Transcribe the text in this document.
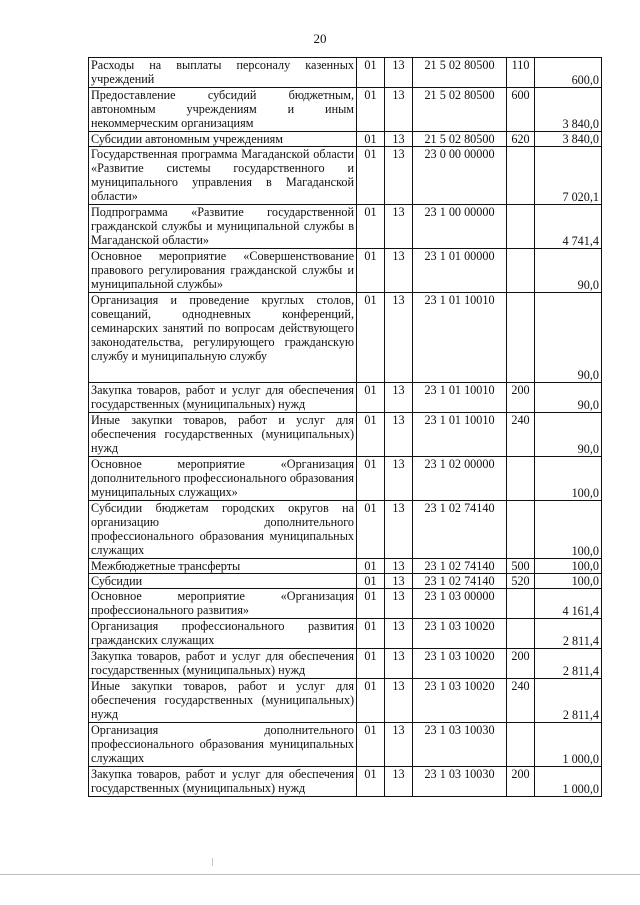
20
Расходы на выплаты персоналу казенных учреждений	01	13	21 5 02 80500	110	600,0
Предоставление субсидий бюджетным, автономным учреждениям и иным некоммерческим организациям	01	13	21 5 02 80500	600	3 840,0
Субсидии автономным учреждениям	01	13	21 5 02 80500	620	3 840,0
Государственная программа Магаданской области «Развитие системы государственного и муниципального управления в Магаданской области»	01	13	23 0 00 00000		7 020,1
Подпрограмма «Развитие государственной гражданской службы и муниципальной службы в Магаданской области»	01	13	23 1 00 00000		4 741,4
Основное мероприятие «Совершенствование правового регулирования гражданской службы и муниципальной службы»	01	13	23 1 01 00000		90,0
Организация и проведение круглых столов, совещаний, однодневных конференций, семинарских занятий по вопросам действующего законодательства, регулирующего гражданскую службу и муниципальную службу	01	13	23 1 01 10010		90,0
Закупка товаров, работ и услуг для обеспечения государственных (муниципальных) нужд	01	13	23 1 01 10010	200	90,0
Иные закупки товаров, работ и услуг для обеспечения государственных (муниципальных) нужд	01	13	23 1 01 10010	240	90,0
Основное мероприятие «Организация дополнительного профессионального образования муниципальных служащих»	01	13	23 1 02 00000		100,0
Субсидии бюджетам городских округов на организацию дополнительного профессионального образования муниципальных служащих	01	13	23 1 02 74140		100,0
Межбюджетные трансферты	01	13	23 1 02 74140	500	100,0
Субсидии	01	13	23 1 02 74140	520	100,0
Основное мероприятие «Организация профессионального развития»	01	13	23 1 03 00000		4 161,4
Организация профессионального развития гражданских служащих	01	13	23 1 03 10020		2 811,4
Закупка товаров, работ и услуг для обеспечения государственных (муниципальных) нужд	01	13	23 1 03 10020	200	2 811,4
Иные закупки товаров, работ и услуг для обеспечения государственных (муниципальных) нужд	01	13	23 1 03 10020	240	2 811,4
Организация дополнительного профессионального образования муниципальных служащих	01	13	23 1 03 10030		1 000,0
Закупка товаров, работ и услуг для обеспечения государственных (муниципальных) нужд	01	13	23 1 03 10030	200	1 000,0
